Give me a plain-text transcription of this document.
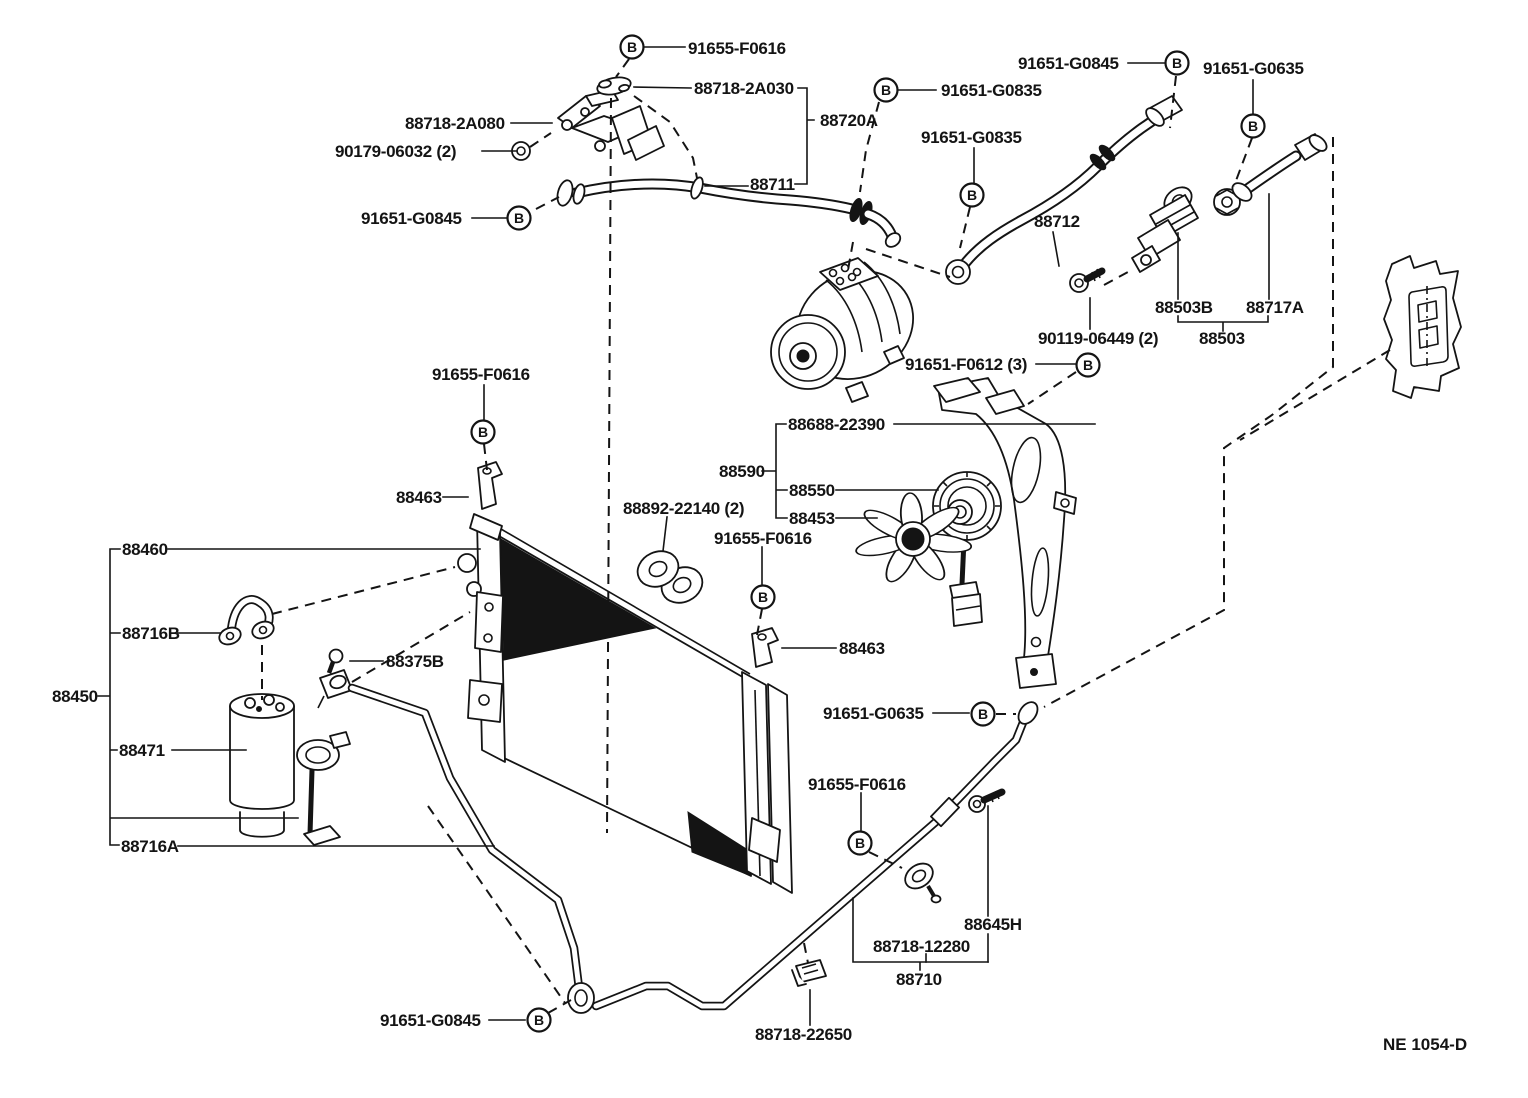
91655-F0616
88718-2A030
88720A
88718-2A080
90179-06032 (2)
88711
91651-G0845
91651-G0835
91651-G0845	91651-G0635
91651-G0835
88712
88503B 88717A
90119-06449 (2) 88503
91651-F0612 (3)
91655-F0616
88463
88688-22390
88590
88550
88453
88892-22140 (2)
91655-F0616
88460
88716B
88375B
88450
88471
88716A
88463
91651-G0635
91655-F0616
88645H
88718-12280
88710
88718-22650
91651-G0845
B
B
B
B
B
B
B
B
B
B
B
B
NE 1054-D
